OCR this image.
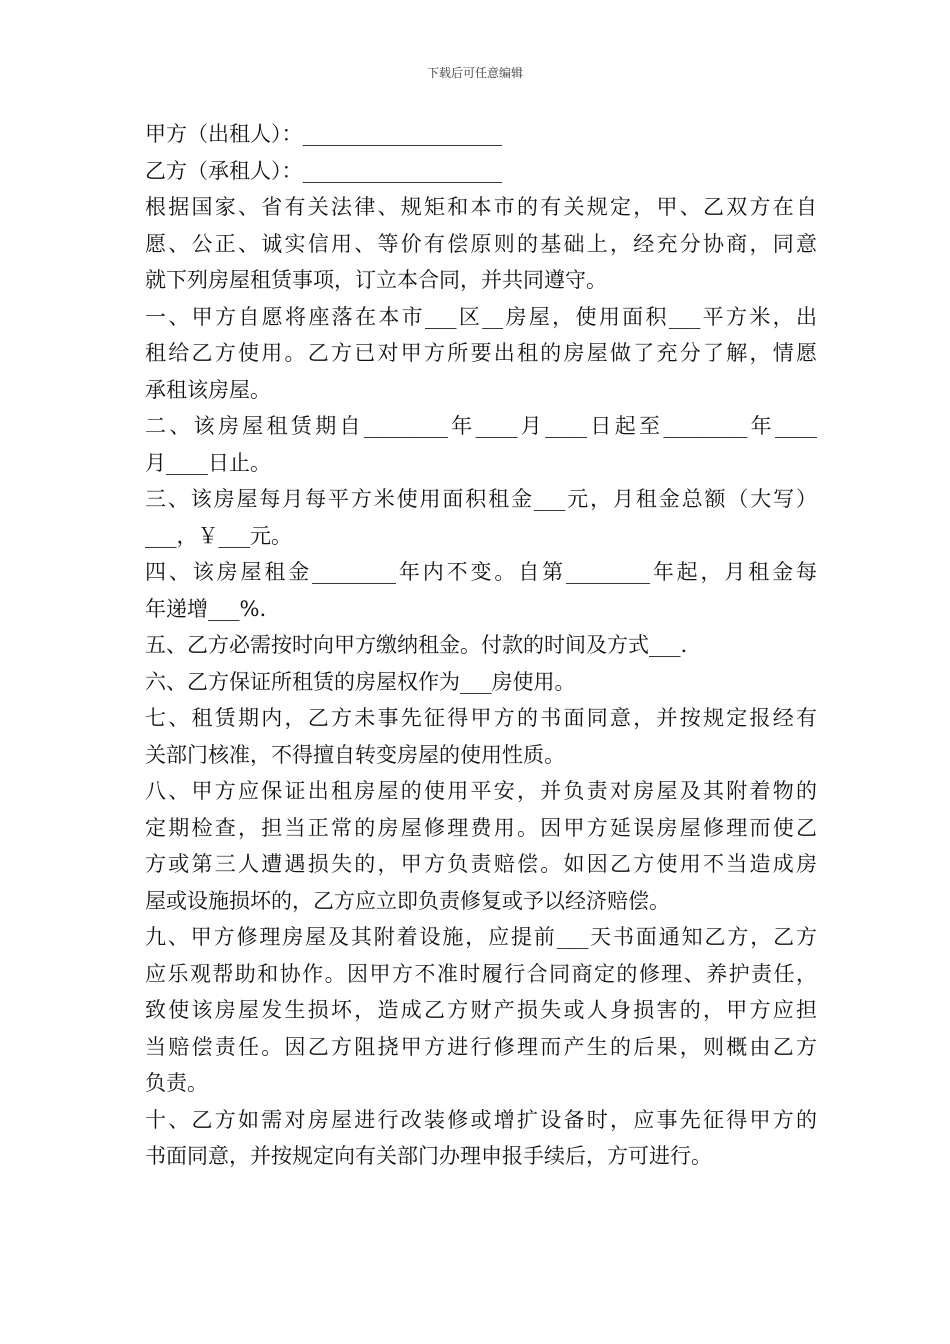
下载后可任意编辑
甲方（出租人）：___________________
乙方（承租人）：___________________
根据国家、省有关法律、规矩和本市的有关规定，甲、乙双方在自
愿、公正、诚实信用、等价有偿原则的基础上，经充分协商，同意
就下列房屋租赁事项，订立本合同，并共同遵守。
一、甲方自愿将座落在本市___区__房屋，使用面积___平方米，出
租给乙方使用。乙方已对甲方所要出租的房屋做了充分了解，情愿
承租该房屋。
二、该房屋租赁期自________年____月____日起至________年____
月____日止。
三、该房屋每月每平方米使用面积租金___元，月租金总额（大写）
___，￥___元。
四、该房屋租金________年内不变。自第________年起，月租金每
年递增___%.
五、乙方必需按时向甲方缴纳租金。付款的时间及方式___.
六、乙方保证所租赁的房屋权作为___房使用。
七、租赁期内，乙方未事先征得甲方的书面同意，并按规定报经有
关部门核准，不得擅自转变房屋的使用性质。
八、甲方应保证出租房屋的使用平安，并负责对房屋及其附着物的
定期检查，担当正常的房屋修理费用。因甲方延误房屋修理而使乙
方或第三人遭遇损失的，甲方负责赔偿。如因乙方使用不当造成房
屋或设施损坏的，乙方应立即负责修复或予以经济赔偿。
九、甲方修理房屋及其附着设施，应提前___天书面通知乙方，乙方
应乐观帮助和协作。因甲方不准时履行合同商定的修理、养护责任，
致使该房屋发生损坏，造成乙方财产损失或人身损害的，甲方应担
当赔偿责任。因乙方阻挠甲方进行修理而产生的后果，则概由乙方
负责。
十、乙方如需对房屋进行改装修或增扩设备时，应事先征得甲方的
书面同意，并按规定向有关部门办理申报手续后，方可进行。
